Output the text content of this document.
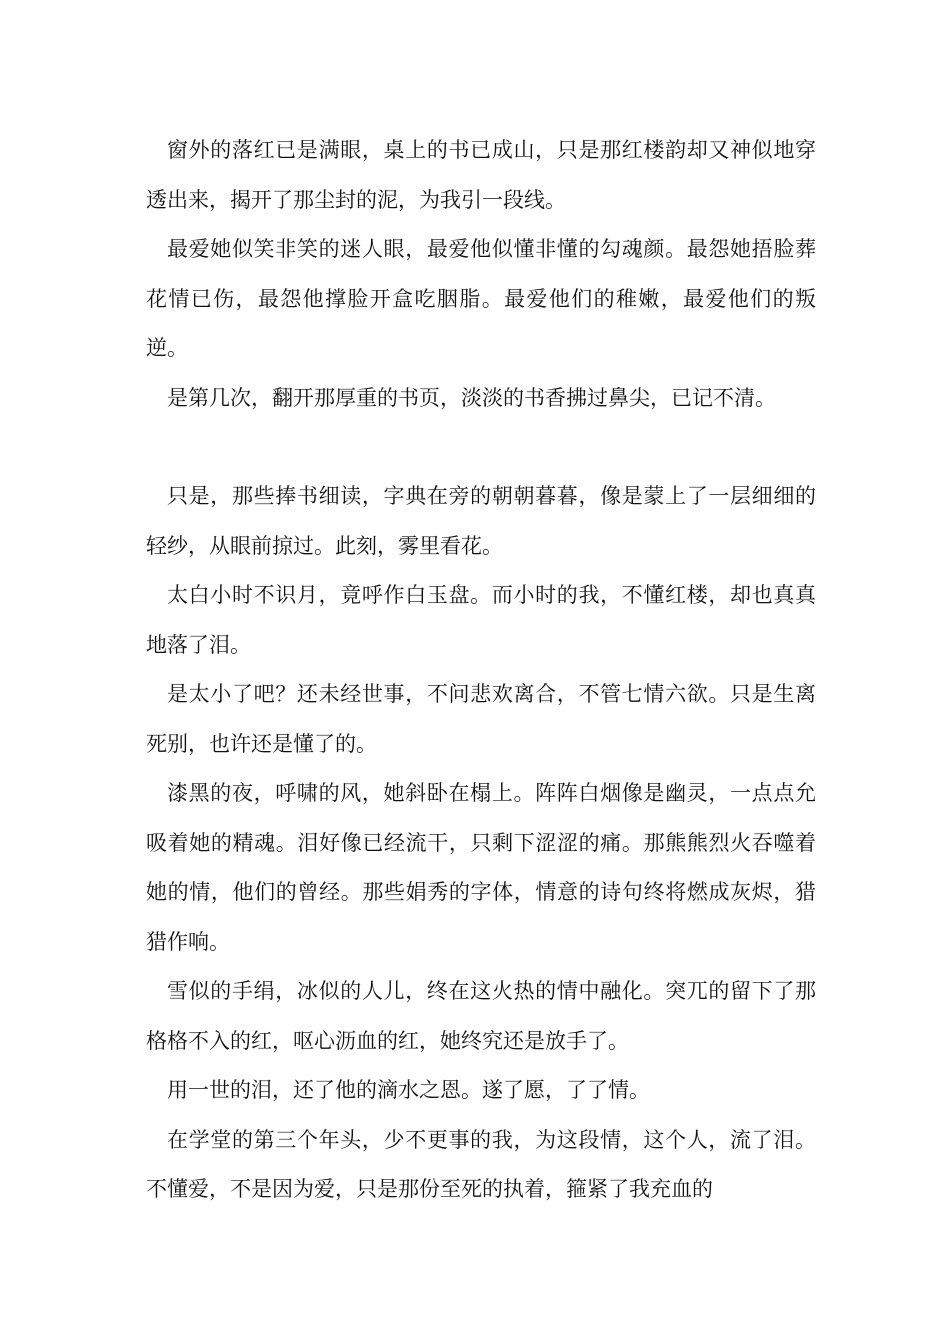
窗外的落红已是满眼，桌上的书已成山，只是那红楼韵却又神似地穿透出来，揭开了那尘封的泥，为我引一段线。

最爱她似笑非笑的迷人眼，最爱他似懂非懂的勾魂颜。最怨她捂脸葬花情已伤，最怨他撑脸开盒吃胭脂。最爱他们的稚嫩，最爱他们的叛逆。

是第几次，翻开那厚重的书页，淡淡的书香拂过鼻尖，已记不清。

只是，那些捧书细读，字典在旁的朝朝暮暮，像是蒙上了一层细细的轻纱，从眼前掠过。此刻，雾里看花。

太白小时不识月，竟呼作白玉盘。而小时的我，不懂红楼，却也真真地落了泪。

是太小了吧？还未经世事，不问悲欢离合，不管七情六欲。只是生离死别，也许还是懂了的。

漆黑的夜，呼啸的风，她斜卧在榻上。阵阵白烟像是幽灵，一点点允吸着她的精魂。泪好像已经流干，只剩下涩涩的痛。那熊熊烈火吞噬着她的情，他们的曾经。那些娟秀的字体，情意的诗句终将燃成灰烬，猎猎作响。

雪似的手绢，冰似的人儿，终在这火热的情中融化。突兀的留下了那格格不入的红，呕心沥血的红，她终究还是放手了。

用一世的泪，还了他的滴水之恩。遂了愿，了了情。

在学堂的第三个年头，少不更事的我，为这段情，这个人，流了泪。不懂爱，不是因为爱，只是那份至死的执着，箍紧了我充血的
